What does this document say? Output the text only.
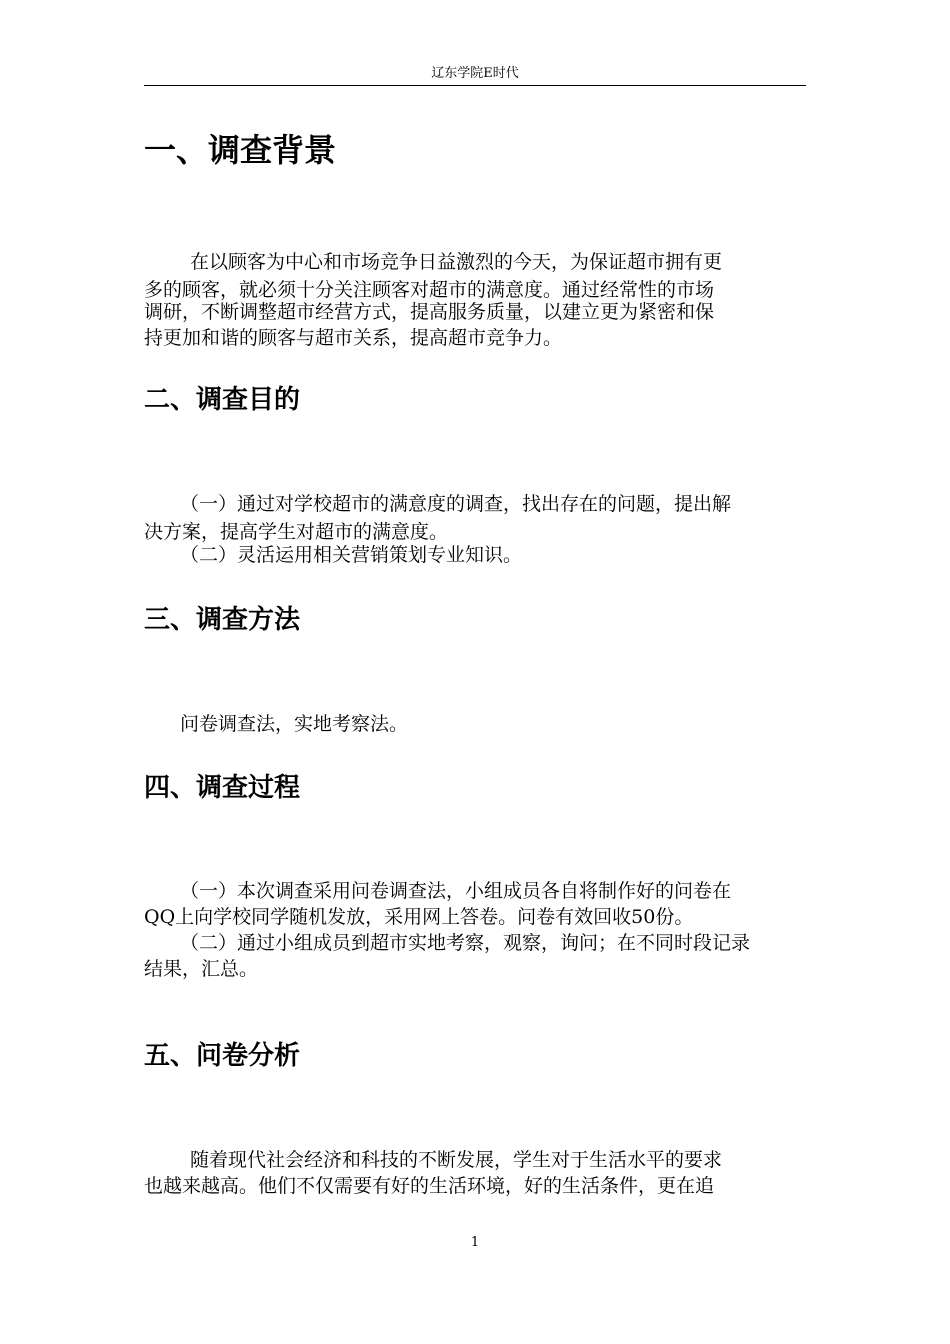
辽东学院E时代
一、调查背景
在以顾客为中心和市场竞争日益激烈的今天，为保证超市拥有更
多的顾客，就必须十分关注顾客对超市的满意度。通过经常性的市场
调研，不断调整超市经营方式，提高服务质量，以建立更为紧密和保
持更加和谐的顾客与超市关系，提高超市竞争力。
二、调查目的
（一）通过对学校超市的满意度的调查，找出存在的问题，提出解
决方案，提高学生对超市的满意度。
（二）灵活运用相关营销策划专业知识。
三、调查方法
问卷调查法，实地考察法。
四、调查过程
（一）本次调查采用问卷调查法，小组成员各自将制作好的问卷在
QQ上向学校同学随机发放，采用网上答卷。问卷有效回收50份。
（二）通过小组成员到超市实地考察，观察，询问；在不同时段记录
结果，汇总。
五、问卷分析
随着现代社会经济和科技的不断发展，学生对于生活水平的要求
也越来越高。他们不仅需要有好的生活环境，好的生活条件，更在追
1
